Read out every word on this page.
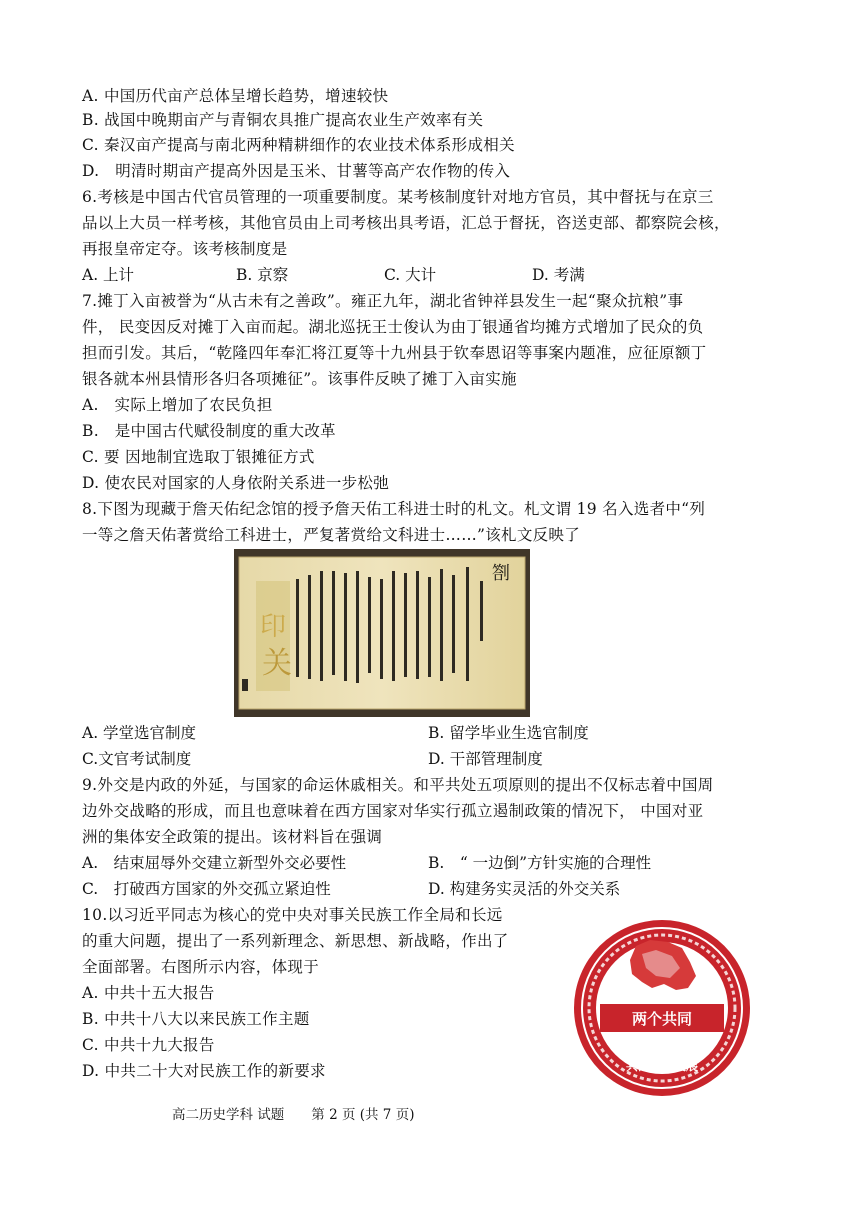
A. 中国历代亩产总体呈增长趋势，增速较快
B. 战国中晚期亩产与青铜农具推广提高农业生产效率有关
C. 秦汉亩产提高与南北两种精耕细作的农业技术体系形成相关
D.　明清时期亩产提高外因是玉米、甘薯等高产农作物的传入
6.考核是中国古代官员管理的一项重要制度。某考核制度针对地方官员，其中督抚与在京三
品以上大员一样考核，其他官员由上司考核出具考语，汇总于督抚，咨送吏部、都察院会核，
再报皇帝定夺。该考核制度是
A. 上计	B. 京察	C. 大计	D. 考满
7.摊丁入亩被誉为“从古未有之善政”。雍正九年，湖北省钟祥县发生一起“聚众抗粮”事
件， 民变因反对摊丁入亩而起。湖北巡抚王士俊认为由丁银通省均摊方式增加了民众的负
担而引发。其后，“乾隆四年奉汇将江夏等十九州县于钦奉恩诏等事案内题准，应征原额丁
银各就本州县情形各归各项摊征”。该事件反映了摊丁入亩实施
A.　实际上增加了农民负担
B.　是中国古代赋役制度的重大改革
C. 要 因地制宜选取丁银摊征方式
D. 使农民对国家的人身依附关系进一步松弛
8.下图为现藏于詹天佑纪念馆的授予詹天佑工科进士时的札文。札文谓 19 名入选者中“列
一等之詹天佑著赏给工科进士，严复著赏给文科进士……”该札文反映了
印
关
劄
A. 学堂选官制度	B. 留学毕业生选官制度
C.文官考试制度	D. 干部管理制度
9.外交是内政的外延，与国家的命运休戚相关。和平共处五项原则的提出不仅标志着中国周
边外交战略的形成，而且也意味着在西方国家对华实行孤立遏制政策的情况下， 中国对亚
洲的集体安全政策的提出。该材料旨在强调
A.　结束屈辱外交建立新型外交必要性	B.　“ 一边倒”方针实施的合理性
C.　打破西方国家的外交孤立紧迫性	D. 构建务实灵活的外交关系
10.以习近平同志为核心的党中央对事关民族工作全局和长远
的重大问题，提出了一系列新理念、新思想、新战略，作出了
全面部署。右图所示内容，体现于
A. 中共十五大报告
B. 中共十八大以来民族工作主题
C. 中共十九大报告
D. 中共二十大对民族工作的新要求
两个共同
共同团结奋斗
共同繁荣发展
高二历史学科 试题　　第 2 页 (共 7 页)
